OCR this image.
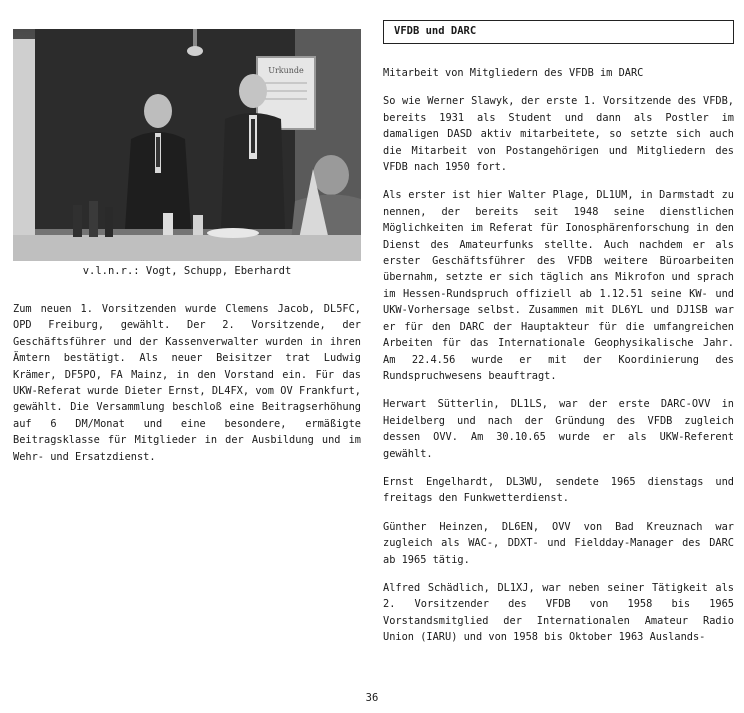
Urkunde
v.l.n.r.: Vogt, Schupp, Eberhardt

Zum neuen 1. Vorsitzenden wurde Clemens Jacob, DL5FC, OPD Freiburg, gewählt. Der 2. Vorsitzende, der Geschäftsführer und der Kassenverwalter wurden in ihren Ämtern bestätigt. Als neuer Beisitzer trat Ludwig Krämer, DF5PO, FA Mainz, in den Vorstand ein. Für das UKW-Referat wurde Dieter Ernst, DL4FX, vom OV Frankfurt, gewählt. Die Versammlung beschloß eine Beitragserhöhung auf 6 DM/Monat und eine besondere, ermäßigte Beitragsklasse für Mitglieder in der Ausbildung und im Wehr- und Ersatzdienst.

VFDB und DARC

Mitarbeit von Mitgliedern des VFDB im DARC

So wie Werner Slawyk, der erste 1. Vorsitzende des VFDB, bereits 1931 als Student und dann als Postler im damaligen DASD aktiv mitarbeitete, so setzte sich auch die Mitarbeit von Postangehörigen und Mitgliedern des VFDB nach 1950 fort.

Als erster ist hier Walter Plage, DL1UM, in Darmstadt zu nennen, der bereits seit 1948 seine dienstlichen Möglichkeiten im Referat für Ionosphärenforschung in den Dienst des Amateurfunks stellte. Auch nachdem er als erster Geschäftsführer des VFDB weitere Büroarbeiten übernahm, setzte er sich täglich ans Mikrofon und sprach im Hessen-Rundspruch offiziell ab 1.12.51 seine KW- und UKW-Vorhersage selbst. Zusammen mit DL6YL und DJ1SB war er für den DARC der Hauptakteur für die umfangreichen Arbeiten für das Internationale Geophysikalische Jahr. Am 22.4.56 wurde er mit der Koordinierung des Rundspruchwesens beauftragt.

Herwart Sütterlin, DL1LS, war der erste DARC-OVV in Heidelberg und nach der Gründung des VFDB zugleich dessen OVV. Am 30.10.65 wurde er als UKW-Referent gewählt.

Ernst Engelhardt, DL3WU, sendete 1965 dienstags und freitags den Funkwetterdienst.

Günther Heinzen, DL6EN, OVV von Bad Kreuznach war zugleich als WAC-, DDXT- und Fieldday-Manager des DARC ab 1965 tätig.

Alfred Schädlich, DL1XJ, war neben seiner Tätigkeit als 2. Vorsitzender des VFDB von 1958 bis 1965 Vorstandsmitglied der Internationalen Amateur Radio Union (IARU) und von 1958 bis Oktober 1963 Auslands-

36
